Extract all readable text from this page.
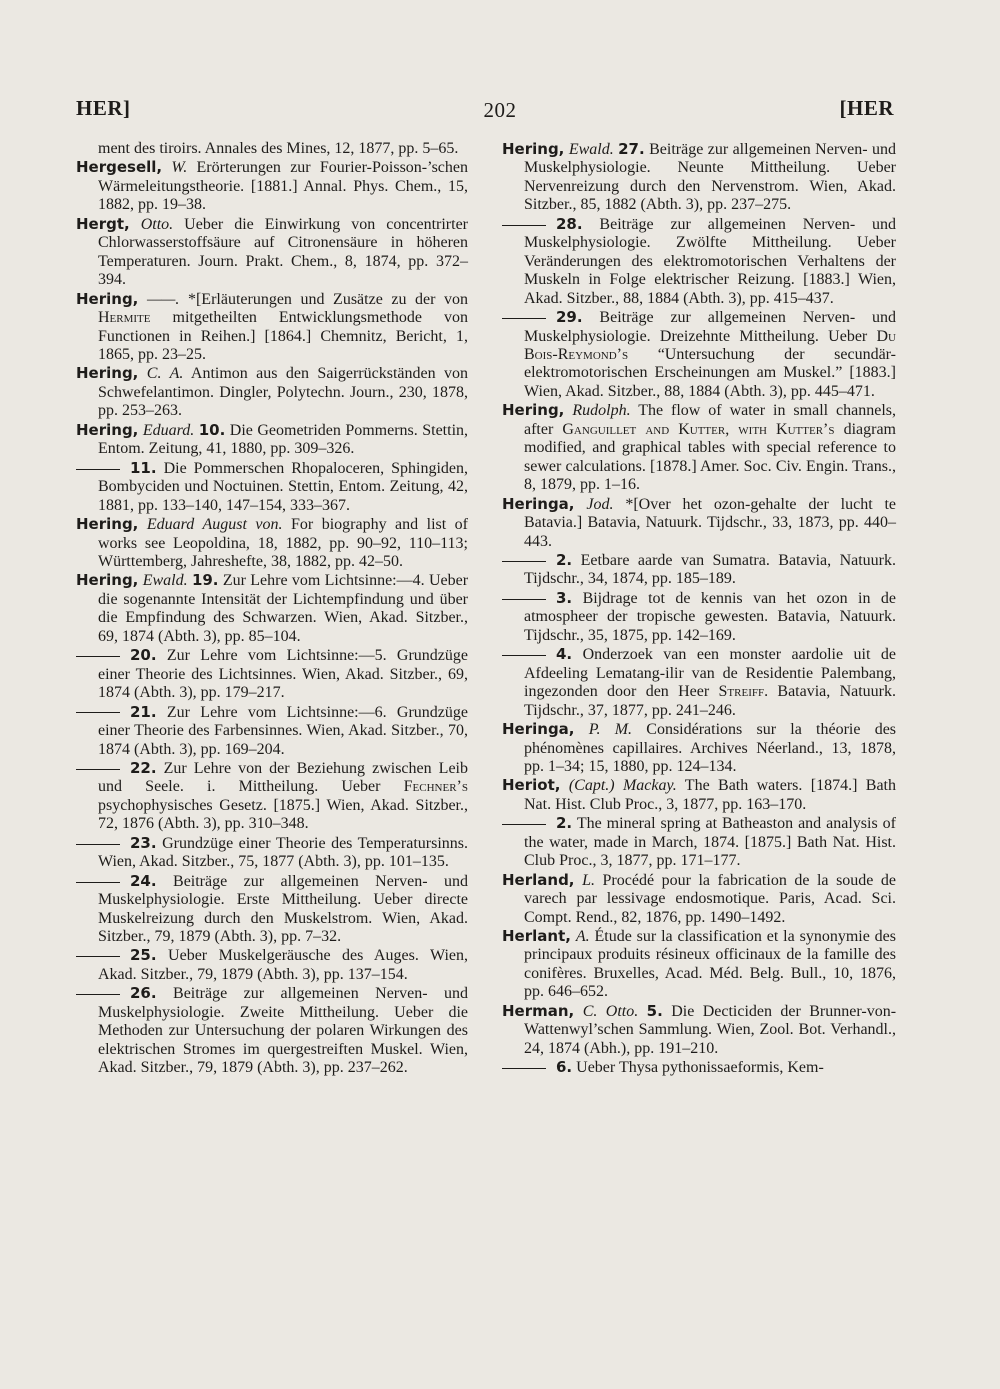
HER]	202	[HER
ment des tiroirs. Annales des Mines, 12, 1877, pp. 5–65.
Hergesell, W. Erörterungen zur Fourier-Poisson-’schen Wärmeleitungstheorie. [1881.] Annal. Phys. Chem., 15, 1882, pp. 19–38.
Hergt, Otto. Ueber die Einwirkung von concentrirter Chlorwasserstoffsäure auf Citronensäure in höheren Temperaturen. Journ. Prakt. Chem., 8, 1874, pp. 372–394.
Hering, ——. *[Erläuterungen und Zusätze zu der von Hermite mitgetheilten Entwicklungsmethode von Functionen in Reihen.] [1864.] Chemnitz, Bericht, 1, 1865, pp. 23–25.
Hering, C. A. Antimon aus den Saigerrückständen von Schwefelantimon. Dingler, Polytechn. Journ., 230, 1878, pp. 253–263.
Hering, Eduard. 10. Die Geometriden Pommerns. Stettin, Entom. Zeitung, 41, 1880, pp. 309–326.
11. Die Pommerschen Rhopaloceren, Sphingiden, Bombyciden und Noctuinen. Stettin, Entom. Zeitung, 42, 1881, pp. 133–140, 147–154, 333–367.
Hering, Eduard August von. For biography and list of works see Leopoldina, 18, 1882, pp. 90–92, 110–113; Württemberg, Jahreshefte, 38, 1882, pp. 42–50.
Hering, Ewald. 19. Zur Lehre vom Lichtsinne:—4. Ueber die sogenannte Intensität der Lichtempfindung und über die Empfindung des Schwarzen. Wien, Akad. Sitzber., 69, 1874 (Abth. 3), pp. 85–104.
20. Zur Lehre vom Lichtsinne:—5. Grundzüge einer Theorie des Lichtsinnes. Wien, Akad. Sitzber., 69, 1874 (Abth. 3), pp. 179–217.
21. Zur Lehre vom Lichtsinne:—6. Grundzüge einer Theorie des Farbensinnes. Wien, Akad. Sitzber., 70, 1874 (Abth. 3), pp. 169–204.
22. Zur Lehre von der Beziehung zwischen Leib und Seele. i. Mittheilung. Ueber Fechner’s psychophysisches Gesetz. [1875.] Wien, Akad. Sitzber., 72, 1876 (Abth. 3), pp. 310–348.
23. Grundzüge einer Theorie des Temperatursinns. Wien, Akad. Sitzber., 75, 1877 (Abth. 3), pp. 101–135.
24. Beiträge zur allgemeinen Nerven- und Muskelphysiologie. Erste Mittheilung. Ueber directe Muskelreizung durch den Muskelstrom. Wien, Akad. Sitzber., 79, 1879 (Abth. 3), pp. 7–32.
25. Ueber Muskelgeräusche des Auges. Wien, Akad. Sitzber., 79, 1879 (Abth. 3), pp. 137–154.
26. Beiträge zur allgemeinen Nerven- und Muskelphysiologie. Zweite Mittheilung. Ueber die Methoden zur Untersuchung der polaren Wirkungen des elektrischen Stromes im quergestreiften Muskel. Wien, Akad. Sitzber., 79, 1879 (Abth. 3), pp. 237–262.
Hering, Ewald. 27. Beiträge zur allgemeinen Nerven- und Muskelphysiologie. Neunte Mittheilung. Ueber Nervenreizung durch den Nervenstrom. Wien, Akad. Sitzber., 85, 1882 (Abth. 3), pp. 237–275.
28. Beiträge zur allgemeinen Nerven- und Muskelphysiologie. Zwölfte Mittheilung. Ueber Veränderungen des elektromotorischen Verhaltens der Muskeln in Folge elektrischer Reizung. [1883.] Wien, Akad. Sitzber., 88, 1884 (Abth. 3), pp. 415–437.
29. Beiträge zur allgemeinen Nerven- und Muskelphysiologie. Dreizehnte Mittheilung. Ueber Du Bois-Reymond’s “Untersuchung der secundär-elektromotorischen Erscheinungen am Muskel.” [1883.] Wien, Akad. Sitzber., 88, 1884 (Abth. 3), pp. 445–471.
Hering, Rudolph. The flow of water in small channels, after Ganguillet and Kutter, with Kutter’s diagram modified, and graphical tables with special reference to sewer calculations. [1878.] Amer. Soc. Civ. Engin. Trans., 8, 1879, pp. 1–16.
Heringa, Jod. *[Over het ozon-gehalte der lucht te Batavia.] Batavia, Natuurk. Tijdschr., 33, 1873, pp. 440–443.
2. Eetbare aarde van Sumatra. Batavia, Natuurk. Tijdschr., 34, 1874, pp. 185–189.
3. Bijdrage tot de kennis van het ozon in de atmospheer der tropische gewesten. Batavia, Natuurk. Tijdschr., 35, 1875, pp. 142–169.
4. Onderzoek van een monster aardolie uit de Afdeeling Lematang-ilir van de Residentie Palembang, ingezonden door den Heer Streiff. Batavia, Natuurk. Tijdschr., 37, 1877, pp. 241–246.
Heringa, P. M. Considérations sur la théorie des phénomènes capillaires. Archives Néerland., 13, 1878, pp. 1–34; 15, 1880, pp. 124–134.
Heriot, (Capt.) Mackay. The Bath waters. [1874.] Bath Nat. Hist. Club Proc., 3, 1877, pp. 163–170.
2. The mineral spring at Batheaston and analysis of the water, made in March, 1874. [1875.] Bath Nat. Hist. Club Proc., 3, 1877, pp. 171–177.
Herland, L. Procédé pour la fabrication de la soude de varech par lessivage endosmotique. Paris, Acad. Sci. Compt. Rend., 82, 1876, pp. 1490–1492.
Herlant, A. Étude sur la classification et la synonymie des principaux produits résineux officinaux de la famille des conifères. Bruxelles, Acad. Méd. Belg. Bull., 10, 1876, pp. 646–652.
Herman, C. Otto. 5. Die Decticiden der Brunner-von-Wattenwyl’schen Sammlung. Wien, Zool. Bot. Verhandl., 24, 1874 (Abh.), pp. 191–210.
6. Ueber Thysa pythonissaeformis, Kem-
